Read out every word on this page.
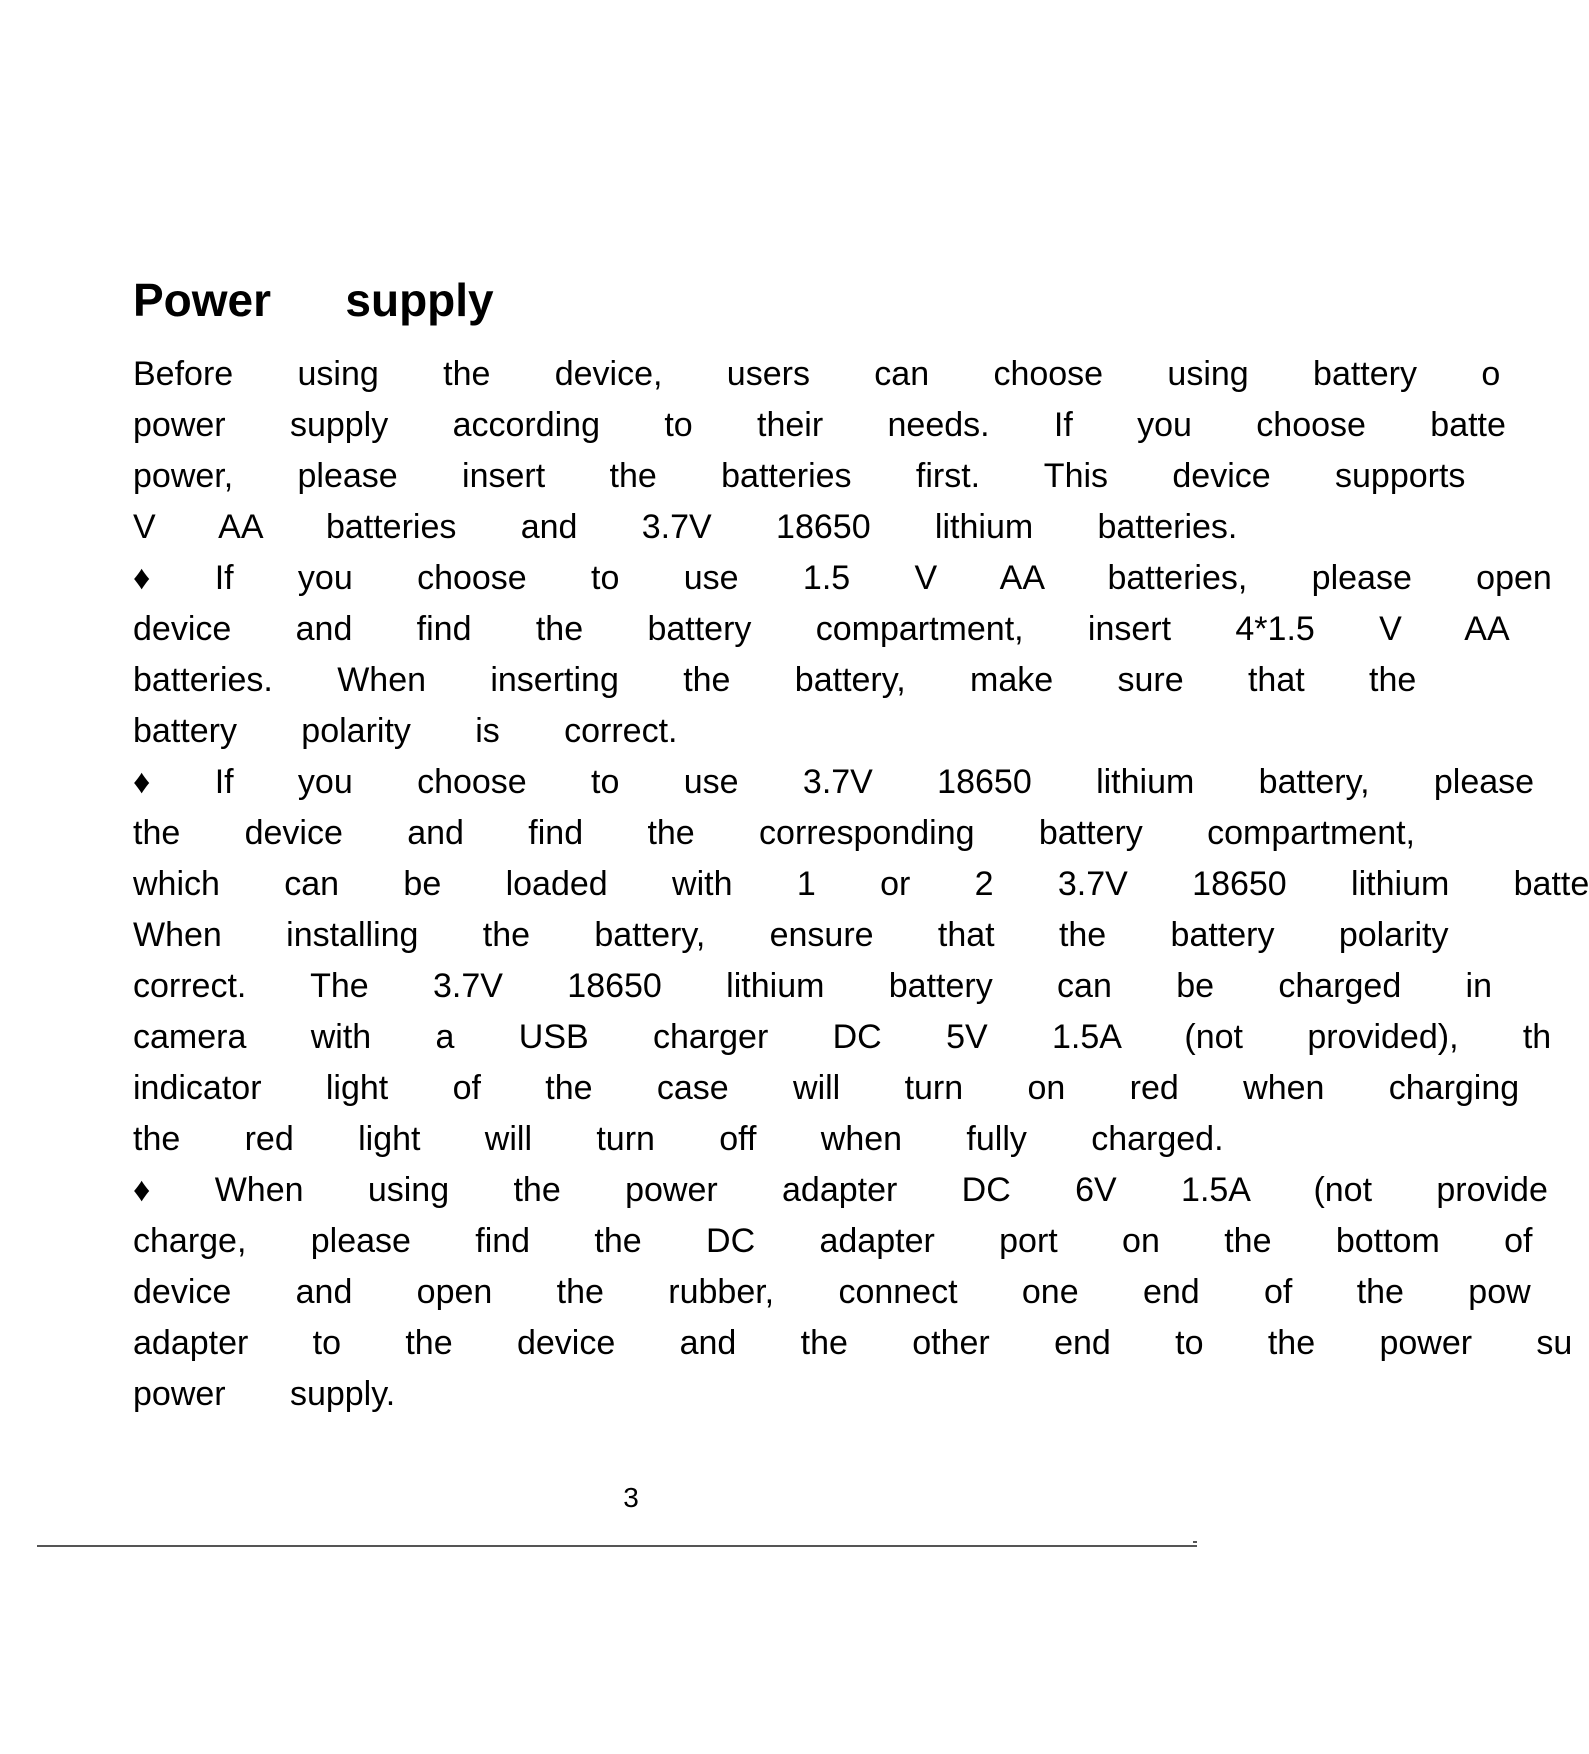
Power   supply
Before   using   the   device,   users   can   choose   using   battery   o
power   supply   according   to   their   needs.   If   you   choose   batte
power,   please   insert   the   batteries   first.   This   device   supports
V   AA   batteries   and   3.7V   18650   lithium   batteries.
♦   If   you   choose   to   use   1.5   V   AA   batteries,   please   open
device   and   find   the   battery   compartment,   insert   4*1.5   V   AA
batteries.   When   inserting   the   battery,   make   sure   that   the
battery   polarity   is   correct.
♦   If   you   choose   to   use   3.7V   18650   lithium   battery,   please
the   device   and   find   the   corresponding   battery   compartment,
which   can   be   loaded   with   1   or   2   3.7V   18650   lithium   batte
When   installing   the   battery,   ensure   that   the   battery   polarity
correct.   The   3.7V   18650   lithium   battery   can   be   charged   in
camera   with   a   USB   charger   DC   5V   1.5A   (not   provided),   th
indicator   light   of   the   case   will   turn   on   red   when   charging
the   red   light   will   turn   off   when   fully   charged.
♦   When   using   the   power   adapter   DC   6V   1.5A   (not   provide
charge,   please   find   the   DC   adapter   port   on   the   bottom   of
device   and   open   the   rubber,   connect   one   end   of   the   pow
adapter   to   the   device   and   the   other   end   to   the   power   su
power   supply.
3
